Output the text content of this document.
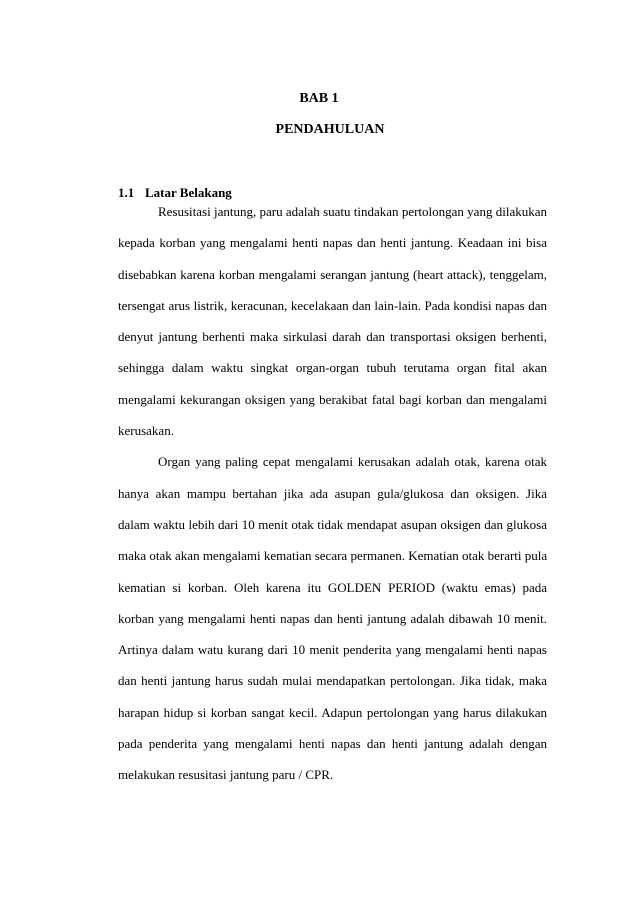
BAB 1
PENDAHULUAN
1.1 Latar Belakang
Resusitasi jantung, paru adalah suatu tindakan pertolongan yang dilakukan
kepada korban yang mengalami henti napas dan henti jantung. Keadaan ini bisa
disebabkan karena korban mengalami serangan jantung (heart attack), tenggelam,
tersengat arus listrik, keracunan, kecelakaan dan lain-lain. Pada kondisi napas dan
denyut jantung berhenti maka sirkulasi darah dan transportasi oksigen berhenti,
sehingga dalam waktu singkat organ-organ tubuh terutama organ fital akan
mengalami kekurangan oksigen yang berakibat fatal bagi korban dan mengalami
kerusakan.
Organ yang paling cepat mengalami kerusakan adalah otak, karena otak
hanya akan mampu bertahan jika ada asupan gula/glukosa dan oksigen. Jika
dalam waktu lebih dari 10 menit otak tidak mendapat asupan oksigen dan glukosa
maka otak akan mengalami kematian secara permanen. Kematian otak berarti pula
kematian si korban. Oleh karena itu GOLDEN PERIOD (waktu emas) pada
korban yang mengalami henti napas dan henti jantung adalah dibawah 10 menit.
Artinya dalam watu kurang dari 10 menit penderita yang mengalami henti napas
dan henti jantung harus sudah mulai mendapatkan pertolongan. Jika tidak, maka
harapan hidup si korban sangat kecil. Adapun pertolongan yang harus dilakukan
pada penderita yang mengalami henti napas dan henti jantung adalah dengan
melakukan resusitasi jantung paru / CPR.
